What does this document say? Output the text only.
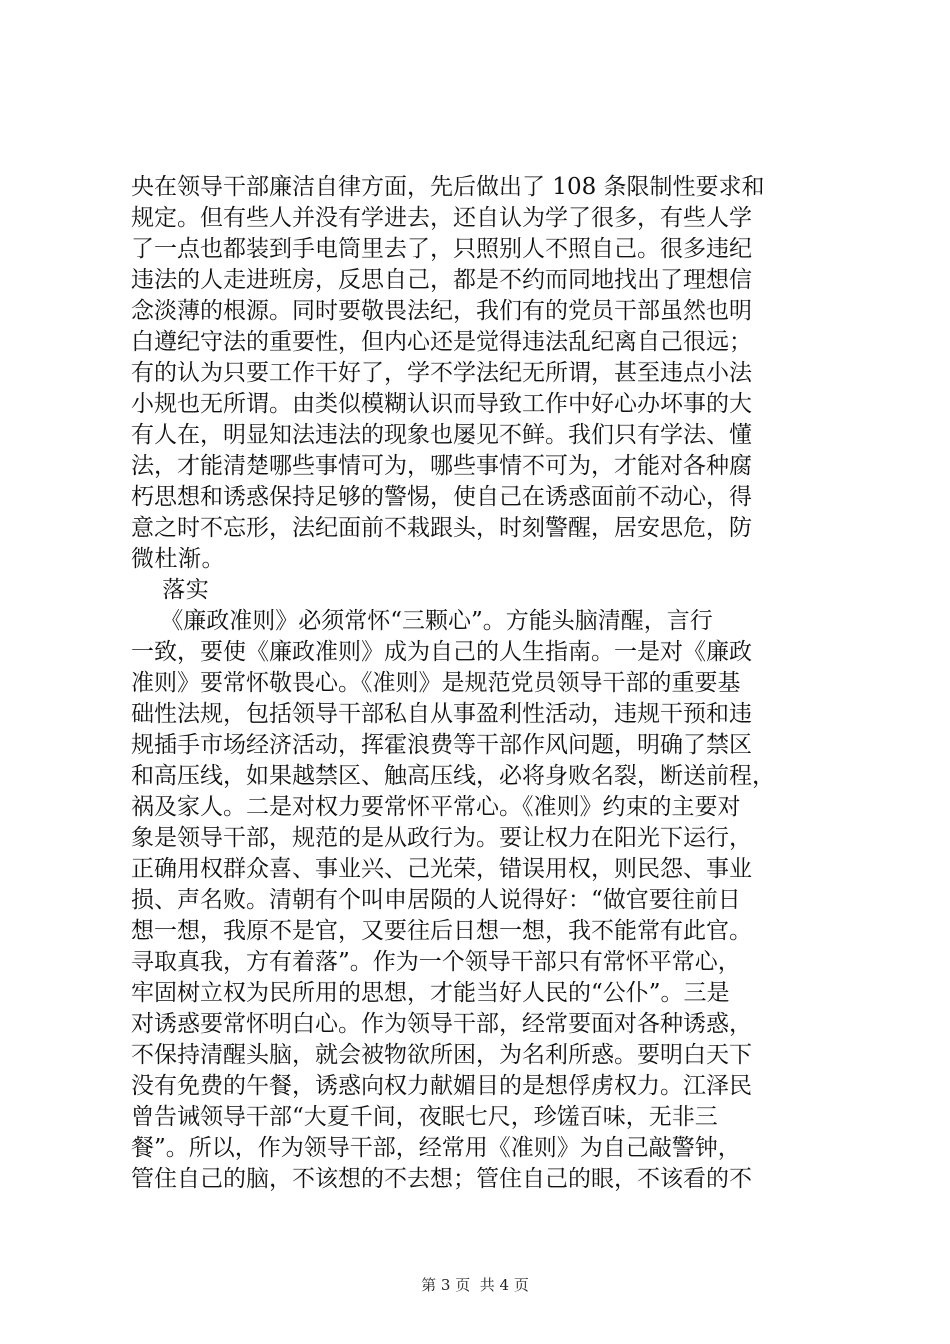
央在领导干部廉洁自律方面，先后做出了 108 条限制性要求和
规定。但有些人并没有学进去，还自认为学了很多，有些人学
了一点也都装到手电筒里去了，只照别人不照自己。很多违纪
违法的人走进班房，反思自己，都是不约而同地找出了理想信
念淡薄的根源。同时要敬畏法纪，我们有的党员干部虽然也明
白遵纪守法的重要性，但内心还是觉得违法乱纪离自己很远；
有的认为只要工作干好了，学不学法纪无所谓，甚至违点小法
小规也无所谓。由类似模糊认识而导致工作中好心办坏事的大
有人在，明显知法违法的现象也屡见不鲜。我们只有学法、懂
法，才能清楚哪些事情可为，哪些事情不可为，才能对各种腐
朽思想和诱惑保持足够的警惕，使自己在诱惑面前不动心，得
意之时不忘形，法纪面前不栽跟头，时刻警醒，居安思危，防
微杜渐。
落实
《廉政准则》必须常怀“三颗心”。方能头脑清醒，言行
一致，要使《廉政准则》成为自己的人生指南。一是对《廉政
准则》要常怀敬畏心。《准则》是规范党员领导干部的重要基
础性法规，包括领导干部私自从事盈利性活动，违规干预和违
规插手市场经济活动，挥霍浪费等干部作风问题，明确了禁区
和高压线，如果越禁区、触高压线，必将身败名裂，断送前程，
祸及家人。二是对权力要常怀平常心。《准则》约束的主要对
象是领导干部，规范的是从政行为。要让权力在阳光下运行，
正确用权群众喜、事业兴、己光荣，错误用权，则民怨、事业
损、声名败。清朝有个叫申居陨的人说得好：“做官要往前日
想一想，我原不是官，又要往后日想一想，我不能常有此官。
寻取真我，方有着落”。作为一个领导干部只有常怀平常心，
牢固树立权为民所用的思想，才能当好人民的“公仆”。三是
对诱惑要常怀明白心。作为领导干部，经常要面对各种诱惑，
不保持清醒头脑，就会被物欲所困，为名利所惑。要明白天下
没有免费的午餐，诱惑向权力献媚目的是想俘虏权力。江泽民
曾告诫领导干部“大夏千间，夜眠七尺，珍馐百味，无非三
餐”。所以，作为领导干部，经常用《准则》为自己敲警钟，
管住自己的脑，不该想的不去想；管住自己的眼，不该看的不
第 3 页  共 4 页
